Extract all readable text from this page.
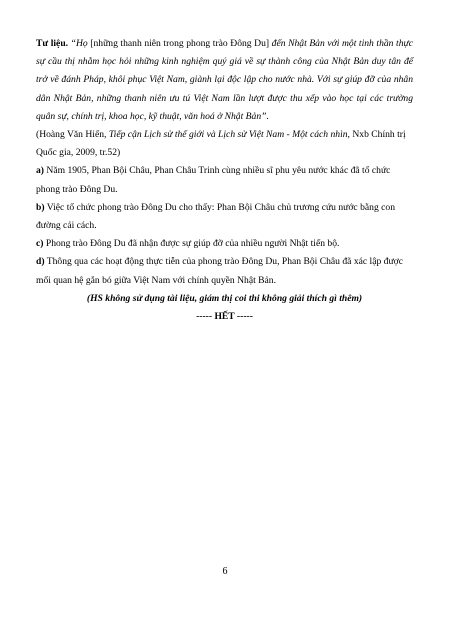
Tư liệu. “Họ [những thanh niên trong phong trào Đông Du] đến Nhật Bản với một tinh thần thực sự cầu thị nhằm học hỏi những kinh nghiệm quý giá về sự thành công của Nhật Bản duy tân để trở về đánh Pháp, khôi phục Việt Nam, giành lại độc lập cho nước nhà. Với sự giúp đỡ của nhân dân Nhật Bản, những thanh niên ưu tú Việt Nam lần lượt được thu xếp vào học tại các trường quân sự, chính trị, khoa học, kỹ thuật, văn hoá ở Nhật Bản”.

(Hoàng Văn Hiển, Tiếp cận Lịch sử thế giới và Lịch sử Việt Nam - Một cách nhìn, Nxb Chính trị Quốc gia, 2009, tr.52)

a) Năm 1905, Phan Bội Châu, Phan Châu Trinh cùng nhiều sĩ phu yêu nước khác đã tổ chức phong trào Đông Du.

b) Việc tổ chức phong trào Đông Du cho thấy: Phan Bội Châu chủ trương cứu nước bằng con đường cải cách.

c) Phong trào Đông Du đã nhận được sự giúp đỡ của nhiều người Nhật tiến bộ.

d) Thông qua các hoạt động thực tiễn của phong trào Đông Du, Phan Bội Châu đã xác lập được mối quan hệ gắn bó giữa Việt Nam với chính quyền Nhật Bản.

(HS không sử dụng tài liệu, giám thị coi thi không giải thích gì thêm)

----- HẾT -----

6
